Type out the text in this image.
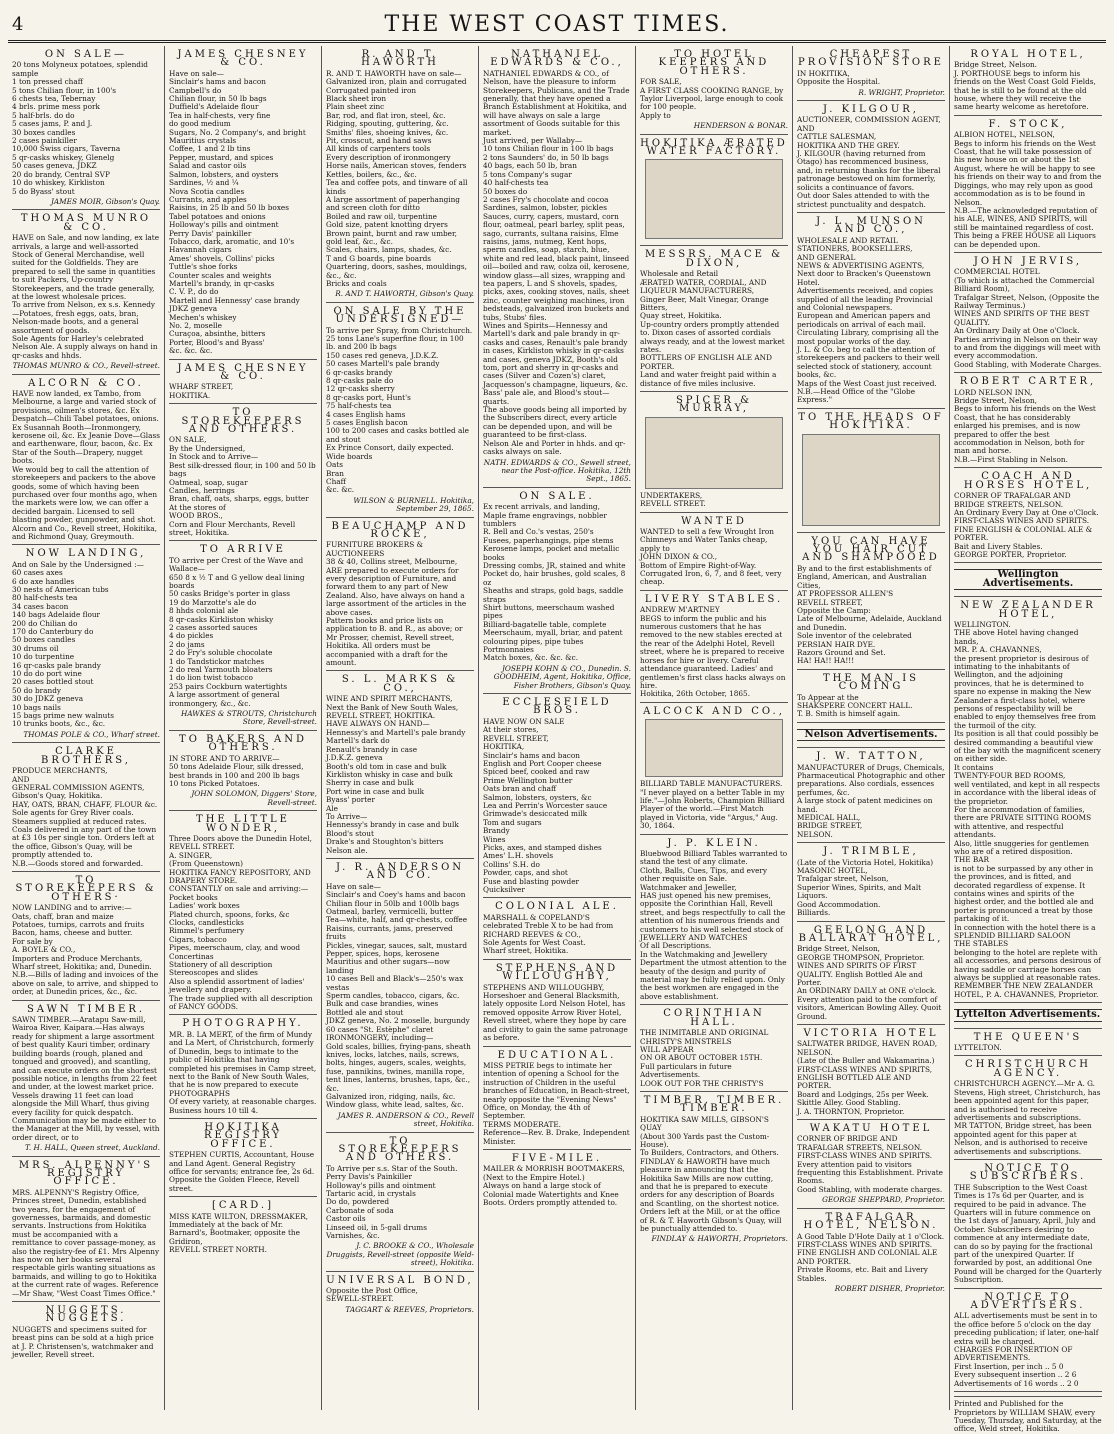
4	THE WEST COAST TIMES.
ON SALE—
20 tons Molyneux potatoes, splendid sample
1 ton pressed chaff
5 tons Chilian flour, in 100's
6 chests tea, Tebernay
4 brls. prime mess pork
5 half-brls. do do
5 cases jams, P. and J.
30 boxes candles
2 cases painkiller
10,000 Swiss cigars, Taverna
5 qr-casks whiskey, Glenelg
50 cases geneva, JDKZ
20 do brandy, Central SVP
10 do whiskey, Kirkliston
5 do Byass' stout
JAMES MOIR, Gibson's Quay.
THOMAS MUNRO & CO.
HAVE on Sale, and now landing, ex late arrivals, a large and well-assorted Stock of General Merchandise, well suited for the Goldfields. They are prepared to sell the same in quantities to suit Packers, Up-country Storekeepers, and the trade generally, at the lowest wholesale prices.
To arrive from Nelson, ex s.s. Kennedy —Potatoes, fresh eggs, oats, bran, Nelson-made boots, and a general assortment of goods.
Sole Agents for Harley's celebrated Nelson Ale. A supply always on hand in qr-casks and hhds.
THOMAS MUNRO & CO., Revell-street.
ALCORN & CO.
HAVE now landed, ex Tambo, from Melbourne, a large and varied stock of provisions, oilmen's stores, &c. Ex Despatch—Chili Tabel potatoes, onions. Ex Susannah Booth—Ironmongery, kerosene oil, &c. Ex Jeanie Dove—Glass and earthenware, flour, bacon, &c. Ex Star of the South—Drapery, nugget boots.
We would beg to call the attention of storekeepers and packers to the above goods, some of which having been purchased over four months ago, when the markets were low, we can offer a decided bargain. Licensed to sell blasting powder, gunpowder, and shot. Alcorn and Co., Revell street, Hokitika, and Richmond Quay, Greymouth.
NOW LANDING,
And on Sale by the Undersigned :—
60 cases axes
6 do axe handles
30 nests of American tubs
80 half-chests tea
34 cases bacon
140 bags Adelaide flour
200 do Chilian do
170 do Canterbury do
50 boxes candles
30 drums oil
10 do turpentine
16 qr-casks pale brandy
10 do do port wine
20 cases bottled stout
50 do brandy
30 do JDKZ geneva
10 bags nails
15 bags prime new walnuts
10 trunks boots, &c., &c.
THOMAS POLE & CO., Wharf street.
CLARKE BROTHERS,
PRODUCE MERCHANTS,
AND
GENERAL COMMISSION AGENTS,
Gibson's Quay, Hokitika.
HAY, OATS, BRAN, CHAFF, FLOUR &c.
Sole agents for Grey River coals.
Steamers supplied at reduced rates. Coals delivered in any part of the town at £3 10s per single ton. Orders left at the office, Gibson's Quay, will be promptly attended to.
N.B.—Goods stored and forwarded.
TO STOREKEEPERS & OTHERS·
NOW LANDING and to arrive:—
Oats, chaff, bran and maize
Potatoes, turnips, carrots and fruits
Bacon, hams, cheese and butter.
For sale by
A. BOYLE & CO.,
Importers and Produce Merchants, Wharf street, Hokitika; and, Dunedin.
N.B.—Bills of lading and invoices of the above on sale, to arrive, and shipped to order, at Dunedin prices, &c., &c.
SAWN TIMBER.
SAWN TIMBER.—Aratapu Saw-mill, Wairoa River, Kaipara.—Has always ready for shipment a large assortment of best quality Kauri timber, ordinary building boards (rough, planed and tongued and grooved), and scantling, and can execute orders on the shortest possible notice, in lengths from 22 feet and under, at the lowest market price. Vessels drawing 11 feet can load alongside the Mill Wharf, thus giving every facility for quick despatch. Communication may be made either to the Manager at the Mill, by vessel, with order direct, or to
T. H. HALL, Queen street, Auckland.
MRS. ALPENNY'S REGISTRY OFFICE.
MRS. ALPENNY'S Registry Office, Princes street, Dunedin, established two years, for the engagement of governesses, barmaids, and domestic servants. Instructions from Hokitika must be accompanied with a remittance to cover passage-money, as also the registry-fee of £1. Mrs Alpenny has now on her books several respectable girls wanting situations as barmaids, and willing to go to Hokitika at the current rate of wages. Reference—Mr Shaw, "West Coast Times Office."
NUGGETS. NUGGETS.
NUGGETS and specimens suited for breast pins can be sold at a high price at J. P. Christensen's, watchmaker and jeweller, Revell street.
JAMES CHESNEY & CO.
Have on sale—
Sinclair's hams and bacon
Campbell's do
Chilian flour, in 50 lb bags
Duffield's Adelaide flour
Tea in half-chests, very fine
do good medium
Sugars, No. 2 Company's, and bright
Mauritius crystals
Coffee, 1 and 2 lb tins
Pepper, mustard, and spices
Salad and castor oils
Salmon, lobsters, and oysters
Sardines, ½ and ¼
Nova Scotia candles
Currants, and apples
Raisins, in 25 lb and 50 lb boxes
Tabel potatoes and onions
Holloway's pills and ointment
Perry Davis' painkiller
Tobacco, dark, aromatic, and 10's
Havannah cigars
Ames' shovels, Collins' picks
Tuttle's shoe forks
Counter scales and weights
Martell's brandy, in qr-casks
C. V. P., do do
Martell and Hennessy' case brandy
JDKZ geneva
Mechen's whiskey
No. 2, moselle
Curaçoa, absinthe, bitters
Porter, Blood's and Byass'
&c. &c. &c.
JAMES CHESNEY & CO.
WHARF STREET,
HOKITIKA.
TO STOREKEEPERS AND OTHERS.
ON SALE,
By the Undersigned,
In Stock and to Arrive—
Best silk-dressed flour, in 100 and 50 lb bags
Oatmeal, soap, sugar
Candles, herrings
Bran, chaff, oats, sharps, eggs, butter
At the stores of
WOOD BROS.,
Corn and Flour Merchants, Revell street, Hokitika.
TO ARRIVE
TO arrive per Crest of the Wave and Wallace—
650 8 x ½ T and G yellow deal lining boards
50 casks Bridge's porter in glass
19 do Marzotte's ale do
8 hhds colonial ale
8 qr-casks Kirkliston whisky
2 cases assorted sauces
4 do pickles
2 do jams
2 do Fry's soluble chocolate
1 do Tandstickor matches
2 do real Yarmouth bloaters
1 do lion twist tobacco
253 pairs Cockburn watertights
A large assortment of general ironmongery, &c., &c.
HAWKES & STROUTS, Christchurch Store, Revell-street.
TO BAKERS AND OTHERS.
IN STORE AND TO ARRIVE—
50 tons Adelaide Flour, silk dressed, best brands in 100 and 200 lb bags
10 tons Picked Potatoes.
JOHN SOLOMON, Diggers' Store, Revell-street.
THE LITTLE WONDER,
Three Doors above the Dunedin Hotel, REVELL STREET.
A. SINGER,
(From Queenstown)
HOKITIKA FANCY REPOSITORY, AND DRAPERY STORE.
CONSTANTLY on sale and arriving:—
Pocket books
Ladies' work boxes
Plated church, spoons, forks, &c
Clocks, candlesticks
Rimmel's perfumery
Cigars, tobacco
Pipes, meerschaum, clay, and wood
Concertinas
Stationery of all description
Stereoscopes and slides
Also a splendid assortment of ladies' jewellery and drapery.
The trade supplied with all description of FANCY GOODS.
PHOTOGRAPHY.
MR. B. LA MERT, of the firm of Mundy and La Mert, of Christchurch, formerly of Dunedin, begs to intimate to the public of Hokitika that having completed his premises in Camp street, next to the Bank of New South Wales, that he is now prepared to execute
PHOTOGRAPHS
Of every variety, at reasonable charges.
Business hours 10 till 4.
HOKITIKA REGISTRY OFFICE.
STEPHEN CURTIS, Accountant, House and Land Agent. General Registry office for servants; entrance fee, 2s 6d.
Opposite the Golden Fleece, Revell street.
[CARD.]
MISS KATE WILTON, DRESSMAKER,
Immediately at the back of Mr. Barnard's, Bootmaker, opposite the Gridiron,
REVELL STREET NORTH.
R. AND T. HAWORTH
R. AND T. HAWORTH have on sale—
Galvanized iron, plain and corrugated
Corrugated painted iron
Black sheet iron
Plain sheet zinc
Bar, rod, and flat iron, steel, &c.
Ridging, spouting, guttering, &c.
Smiths' files, shoeing knives, &c.
Pit, crosscut, and hand saws
All kinds of carpenters tools
Every description of ironmongery
Horse nails, American stoves, fenders
Kettles, boilers, &c., &c.
Tea and coffee pots, and tinware of all kinds
A large assortment of paperhanging and screen cloth for ditto
Boiled and raw oil, turpentine
Gold size, patent knotting dryers
Brown paint, burnt and raw umber, gold leaf, &c., &c.
Scales, chairs, lamps, shades, &c.
T and G boards, pine boards
Quartering, doors, sashes, mouldings, &c., &c.
Bricks and coals
R. AND T. HAWORTH, Gibson's Quay.
ON SALE BY THE UNDERSIGNED—
To arrive per Spray, from Christchurch.
25 tons Lane's superfine flour, in 100 lb. and 200 lb bags
150 cases red geneva, J.D.K.Z.
50 cases Martell's pale brandy
6 qr-casks brandy
8 qr-casks pale do
12 qr-casks sherry
8 qr-casks port, Hunt's
75 half-chests tea
4 cases English hams
5 cases English bacon
100 to 200 cases and casks bottled ale and stout
Ex Prince Consort, daily expected.
Wide boards
Oats
Bran
Chaff
&c. &c.
WILSON & BURNELL. Hokitika, September 29, 1865.
BEAUCHAMP AND ROCKE,
FURNITURE BROKERS & AUCTIONEERS
38 & 40, Collins street, Melbourne,
ARE prepared to execute orders for every description of Furniture, and forward them to any part of New Zealand. Also, have always on hand a large assortment of the articles in the above cases.
Pattern books and price lists on application to B. and R., as above; or Mr Prosser, chemist, Revell street, Hokitika. All orders must be accompanied with a draft for the amount.
S. L. MARKS & CO.,
WINE AND SPIRIT MERCHANTS,
Next the Bank of New South Wales, REVELL STREET, HOKITIKA.
HAVE ALWAYS ON HAND—
Hennessy's and Martell's pale brandy
Martell's dark do
Renault's brandy in case
J.D.K.Z. geneva
Booth's old tom in case and bulk
Kirkliston whisky in case and bulk
Sherry in case and bulk
Port wine in case and bulk
Byass' porter
Ale
To Arrive—
Hennessy's brandy in case and bulk
Blood's stout
Drake's and Stoughton's bitters
Nelson ale.
J. R. ANDERSON AND CO.
Have on sale—
Sinclair's and Coey's hams and bacon
Chilian flour in 50lb and 100lb bags
Oatmeal, barley, vermicelli, butter
Tea—white, half, and qr-chests, coffee
Raisins, currants, jams, preserved fruits
Pickles, vinegar, sauces, salt, mustard
Pepper, spices, hops, kerosene
Mauritius and other sugars—now landing
10 cases Bell and Black's—250's wax vestas
Sperm candles, tobacco, cigars, &c.
Bulk and case brandies, wines
Bottled ale and stout
JDKZ geneva, No. 2 moselle, burgundy
60 cases "St. Estèphe" claret
IRONMONGERY, including—
Gold scales, billies, frying-pans, sheath knives, locks, latches, nails, screws, bolts, hinges, augers, scales, weights, fuse, pannikins, twines, manilla rope, tent lines, lanterns, brushes, taps, &c., &c.
Galvanized iron, ridging, nails, &c.
Window glass, white lead, saltes, &c.
JAMES R. ANDERSON & CO., Revell street, Hokitika.
TO STOREKEEPERS AND OTHERS.
To Arrive per s.s. Star of the South.
Perry Davis's Painkiller
Holloway's pills and ointment
Tartaric acid, in crystals
Do do, powdered
Carbonate of soda
Castor oils
Linseed oil, in 5-gall drums
Varnishes, &c.
J. C. BROOKE & CO., Wholesale Druggists, Revell-street (opposite Weld-street), Hokitika.
UNIVERSAL BOND,
Opposite the Post Office,
SEWELL-STREET.
TAGGART & REEVES, Proprietors.
NATHANIEL EDWARDS & CO.,
NATHANIEL EDWARDS & CO., of Nelson, have the pleasure to inform Storekeepers, Publicans, and the Trade generally, that they have opened a Branch Establishment at Hokitika, and will have always on sale a large assortment of Goods suitable for this market.
Just arrived, per Wallaby—
10 tons Chilian flour in 100 lb bags
2 tons Saunders' do, in 50 lb bags
40 bags, each 50 lb, bran
5 tons Company's sugar
40 half-chests tea
50 boxes do
2 cases Fry's chocolate and cocoa
Sardines, salmon, lobster, pickles
Sauces, curry, capers, mustard, corn flour, oatmeal, pearl barley, split peas, sago, currants, sultana raisins, Elme raisins, jams, nutmeg, Kent hops, sperm candles, soap, starch, blue, white and red lead, black paint, linseed oil—boiled and raw, colza oil, kerosene, window glass—all sizes, wrapping and tea papers, L and S shovels, spades, picks, axes, cooking stoves, nails, sheet zinc, counter weighing machines, iron bedsteads, galvanized iron buckets and tubs, Stubs' files.
Wines and Spirits—Hennessy and Martell's dark and pale brandy in qr-casks and cases, Renault's pale brandy in cases, Kirkliston whisky in qr-casks and cases, geneva JDKZ, Booth's old tom, port and sherry in qr-casks and cases (Silver and Cozen's) claret, Jacquesson's champagne, liqueurs, &c.
Bass' pale ale, and Blood's stout—quarts.
The above goods being all imported by the Subscribers direct, every article can be depended upon, and will be guaranteed to be first-class.
Nelson Ale and Porter in hhds. and qr-casks always on sale.
NATH. EDWARDS & CO., Sewell street, near the Post-office. Hokitika, 12th Sept., 1865.
ON SALE.
Ex recent arrivals, and landing,
Maple frame engravings, nobbler tumblers
R. Bell and Co.'s vestas, 250's
Fusees, paperhangings, pipe stems
Kerosene lamps, pocket and metallic books
Dressing combs, JR, stained and white
Pocket do, hair brushes, gold scales, 8 oz
Sheaths and straps, gold bags, saddle straps
Shirt buttons, meerschaum washed pipes
Billiard-bagatelle table, complete
Meerschaum, myall, briar, and patent colouring pipes, pipe tubes
Portmonnaies
Match boxes, &c. &c. &c.
JOSEPH KOHN & CO., Dunedin. S. GOODHEIM, Agent, Hokitika, Office, Fisher Brothers, Gibson's Quay.
ECCLESFIELD BROS.
HAVE NOW ON SALE
At their stores,
REVELL STREET,
HOKITIKA,
Sinclair's hams and bacon
English and Port Cooper cheese
Spiced beef, cooked and raw
Prime Wellington butter
Oats bran and chaff
Salmon, lobsters, oysters, &c
Lea and Perrin's Worcester sauce
Grimwade's desiccated milk
Tom and sugars
Brandy
Wines
Picks, axes, and stamped dishes
Ames' L.H. shovels
Collins' S.H. do
Powder, caps, and shot
Fuse and blasting powder
Quicksilver
COLONIAL ALE.
MARSHALL & COPELAND'S celebrated Treble X to be had from
RICHARD REEVES & CO.,
Sole Agents for West Coast.
Wharf street, Hokitika.
STEPHENS AND WILLOUGHBY,
STEPHENS AND WILLOUGHBY, Horseshoer and General Blacksmith, lately opposite Lord Nelson Hotel, has removed opposite Arrow River Hotel, Revell street, where they hope by care and civility to gain the same patronage as before.
EDUCATIONAL.
MISS PETRIE begs to intimate her intention of opening a School for the instruction of Children in the useful branches of Education, in Beach-street, nearly opposite the "Evening News" Office, on Monday, the 4th of September.
TERMS MODERATE.
Reference—Rev. B. Drake, Independent Minister.
FIVE-MILE.
MAILER & MORRISH BOOTMAKERS,
(Next to the Empire Hotel.)
Always on hand a large stock of Colonial made Watertights and Knee Boots. Orders promptly attended to.
TO HOTEL KEEPERS AND OTHERS.
FOR SALE,
A FIRST CLASS COOKING RANGE, by Taylor Liverpool, large enough to cook for 100 people.
Apply to
HENDERSON & BONAR.
HOKITIKA ÆRATED WATER FACTORY.
MESSRS. MACE & DIXON,
Wholesale and Retail
ÆRATED WATER, CORDIAL, AND LIQUEUR MANUFACTURERS,
Ginger Beer, Malt Vinegar, Orange Bitters,
Quay street, Hokitika.
Up-country orders promptly attended to. Dixon cases of assorted cordials always ready, and at the lowest market rates.
BOTTLERS OF ENGLISH ALE AND PORTER.
Land and water freight paid within a distance of five miles inclusive.
SPICER & MURRAY,
UNDERTAKERS,
REVELL STREET.
WANTED
WANTED to sell a few Wrought Iron Chimneys and Water Tanks cheap, apply to
JOHN DIXON & CO.,
Bottom of Empire Right-of-Way.
Corrugated Iron, 6, 7, and 8 feet, very cheap.
LIVERY STABLES.
ANDREW M'ARTNEY
BEGS to inform the public and his numerous customers that he has removed to the new stables erected at the rear of the Adelphi Hotel, Revell street, where he is prepared to receive horses for hire or livery. Careful attendance guaranteed. Ladies' and gentlemen's first class hacks always on hire.
Hokitika, 26th October, 1865.
ALCOCK AND CO.,
BILLIARD TABLE MANUFACTURERS.
"I never played on a better Table in my life."—John Roberts, Champion Billiard Player of the world.—First Match played in Victoria, vide "Argus," Aug. 30, 1864.
J. P. KLEIN.
Bluebwood Billiard Tables warranted to stand the test of any climate.
Cloth, Balls, Cues, Tips, and every other requisite on Sale.
Watchmaker and Jeweller,
HAS just opened his new premises, opposite the Corinthian Hall, Revell street, and begs respectfully to call the attention of his numerous friends and customers to his well selected stock of
JEWELLERY AND WATCHES
Of all Descriptions.
In the Watchmaking and Jewellery Department the utmost attention to the beauty of the design and purity of material may be fully relied upon. Only the best workmen are engaged in the above establishment.
CORINTHIAN HALL.
THE INIMITABLE AND ORIGINAL
CHRISTY'S MINSTRELS
WILL APPEAR
ON OR ABOUT OCTOBER 15TH.
Full particulars in future Advertisements.
LOOK OUT FOR THE CHRISTY'S
TIMBER. TIMBER. TIMBER.
HOKITIKA SAW MILLS, GIBSON'S QUAY
(About 300 Yards past the Custom-House).
To Builders, Contractors, and Others.
FINDLAY & HAWORTH have much pleasure in announcing that the Hokitika Saw Mills are now cutting, and that he is prepared to execute orders for any description of Boards and Scantling, on the shortest notice.
Orders left at the Mill, or at the office of R. & T. Haworth Gibson's Quay, will be punctually attended to.
FINDLAY & HAWORTH, Proprietors.
CHEAPEST PROVISION STORE
IN HOKITIKA,
Opposite the Hospital.
R. WRIGHT, Proprietor.
J. KILGOUR,
AUCTIONEER, COMMISSION AGENT,
AND
CATTLE SALESMAN,
HOKITIKA AND THE GREY.
J. KILGOUR (having returned from Otago) has recommenced business, and, in returning thanks for the liberal patronage bestowed on him formerly, solicits a continuance of favors.
Out door Sales attended to with the strictest punctuality and despatch.
J. L. MUNSON AND CO.,
WHOLESALE AND RETAIL
STATIONERS, BOOKSELLERS,
AND GENERAL
NEWS & ADVERTISING AGENTS,
Next door to Bracken's Queenstown Hotel.
Advertisements received, and copies supplied of all the leading Provincial and Colonial newspapers.
European and American papers and periodicals on arrival of each mail.
Circulating Library, comprising all the most popular works of the day.
J. L. & Co. beg to call the attention of storekeepers and packers to their well selected stock of stationery, account books, &c.
Maps of the West Coast just received.
N.B.—Head Office of the "Globe Express."
TO THE HEADS OF HOKITIKA.
YOU CAN HAVE YOU HAIR CUT AND SHAMPOOED
By and to the first establishments of England, American, and Australian Cities,
AT PROFESSOR ALLEN'S
REVELL STREET,
Opposite the Camp:
Late of Melbourne, Adelaide, Auckland and Dunedin.
Sole inventor of the celebrated
PERSIAN HAIR DYE.
Razors Ground and Set.
HA! HA!! HA!!!
THE MAN IS COMING
To Appear at the
SHAKSPERE CONCERT HALL.
T. B. Smith is himself again.
Nelson Advertisements.
J. W. TATTON,
MANUFACTURER of Drugs, Chemicals, Pharmaceutical Photographic and other preparations. Also cordials, essences perfumes, &c.
A large stock of patent medicines on hand.
MEDICAL HALL,
BRIDGE STREET,
NELSON.
J. TRIMBLE,
(Late of the Victoria Hotel, Hokitika)
MASONIC HOTEL,
Trafalgar street, Nelson,
Superior Wines, Spirits, and Malt Liquors.
Good Accommodation.
Billiards.
GEELONG AND BALLARAT HOTEL,
Bridge Street, Nelson,
GEORGE THOMPSON, Proprietor.
WINES AND SPIRITS OF FIRST QUALITY. English Bottled Ale and Porter.
An ORDINARY DAILY at ONE o'clock.
Every attention paid to the comfort of visitors, American Bowling Alley. Quoit Ground.
VICTORIA HOTEL
SALTWATER BRIDGE, HAVEN ROAD, NELSON.
(Late of the Buller and Wakamarina.)
FIRST-CLASS WINES AND SPIRITS, ENGLISH BOTTLED ALE AND PORTER.
Board and Lodgings, 25s per Week.
Skittle Alley. Good Stabling.
J. A. THORNTON, Proprietor.
WAKATU HOTEL
CORNER OF BRIDGE AND TRAFALGAR STREETS, NELSON.
FIRST-CLASS WINES AND SPIRITS.
Every attention paid to visitors frequenting this Establishment. Private Rooms.
Good Stabling, with moderate charges.
GEORGE SHEPPARD, Proprietor.
TRAFALGAR HOTEL, NELSON.
A Good Table D'Hote Daily at 1 o'Clock.
FIRST-CLASS WINES AND SPIRITS.
FINE ENGLISH AND COLONIAL ALE AND PORTER.
Private Rooms, etc. Bait and Livery Stables.
ROBERT DISHER, Proprietor.
ROYAL HOTEL,
Bridge Street, Nelson.
J. PORTHOUSE begs to inform his friends on the West Coast Gold Fields, that he is still to be found at the old house, where they will receive the same hearty welcome as heretofore.
F. STOCK,
ALBION HOTEL, NELSON,
Begs to inform his friends on the West Coast, that he will take possession of his new house on or about the 1st August, where he will be happy to see his friends on their way to and from the Diggings, who may rely upon as good accommodation as is to be found in Nelson.
N.B.—The acknowledged reputation of his ALE, WINES, AND SPIRITS, will still be maintained regardless of cost.
This being a FREE HOUSE all Liquors can be depended upon.
JOHN JERVIS,
COMMERCIAL HOTEL
(To which is attached the Commercial Billiard Room),
Trafalgar Street, Nelson, (Opposite the Railway Terminus.)
WINES AND SPIRITS OF THE BEST QUALITY.
An Ordinary Daily at One o'Clock.
Parties arriving in Nelson on their way to and from the diggings will meet with every accommodation.
Good Stabling, with Moderate Charges.
ROBERT CARTER,
LORD NELSON INN,
Bridge Street, Nelson,
Begs to inform his friends on the West Coast, that he has considerably enlarged his premises, and is now prepared to offer the best accommodation in Nelson, both for man and horse.
N.B.—First Stabling in Nelson.
COACH AND HORSES HOTEL,
CORNER OF TRAFALGAR AND BRIDGE STREETS, NELSON.
An Ordinary Every Day at One o'Clock.
FIRST-CLASS WINES AND SPIRITS.
FINE ENGLISH & COLONIAL ALE & PORTER.
Bait and Livery Stables.
GEORGE PORTER, Proprietor.
Wellington Advertisements.
NEW ZEALANDER HOTEL,
WELLINGTON.
THE above Hotel having changed hands,
MR. P. A. CHAVANNES,
the present proprietor is desirous of intimating to the inhabitants of Wellington, and the adjoining provinces, that he is determined to spare no expense in making the New Zealander a first-class hotel, where persons of respectability will be enabled to enjoy themselves free from the turmoil of the city.
Its position is all that could possibly be desired commanding a beautiful view of the bay with the magnificent scenery on either side.
It contains
TWENTY-FOUR BED ROOMS,
well ventilated, and kept in all respects in accordance with the liberal ideas of the proprietor.
For the accommodation of families, there are PRIVATE SITTING ROOMS
with attentive, and respectful attendants.
Also, little snuggeries for gentlemen who are of a retired disposition.
THE BAR
is not to be surpassed by any other in the provinces, and is fitted, and decorated regardless of expense. It contains wines and spirits of the highest order, and the bottled ale and porter is pronounced a treat by those partaking of it.
In connection with the hotel there is a SPLENDID BILLIARD SALOON
THE STABLES
belonging to the hotel are replete with all accessories, and persons desirous of having saddle or carriage horses can always be supplied at reasonable rates.
REMEMBER THE NEW ZEALANDER HOTEL, P. A. CHAVANNES, Proprietor.
Lyttelton Advertisements.
THE QUEEN'S
LYTTELTON.
CHRISTCHURCH AGENCY.
CHRISTCHURCH AGENCY.—Mr A. G. Stevens, High street, Christchurch, has been appointed agent for this paper, and is authorised to receive advertisements and subscriptions.
MR TATTON, Bridge street, has been appointed agent for this paper at Nelson, and is authorised to receive advertisements and subscriptions.
NOTICE TO SUBSCRIBERS.
THE Subscription to the West Coast Times is 17s 6d per Quarter, and is required to be paid in advance. The Quarters will in future commence on the 1st days of January, April, July and October. Subscribers desiring to commence at any intermediate date, can do so by paying for the fractional part of the unexpired Quarter. If forwarded by post, an additional One Pound will be charged for the Quarterly Subscription.
NOTICE TO ADVERTISERS.
ALL advertisements must be sent in to the office before 5 o'clock on the day preceding publication; if later, one-half extra will be charged.
CHARGES FOR INSERTION OF ADVERTISEMENTS.
First Insertion, per inch .. 5 0
Every subsequent insertion .. 2 6
Advertisements of 16 words .. 2 0
Printed and Published for the Proprietors by WILLIAM SHAW, every Tuesday, Thursday, and Saturday, at the office, Weld street, Hokitika.
